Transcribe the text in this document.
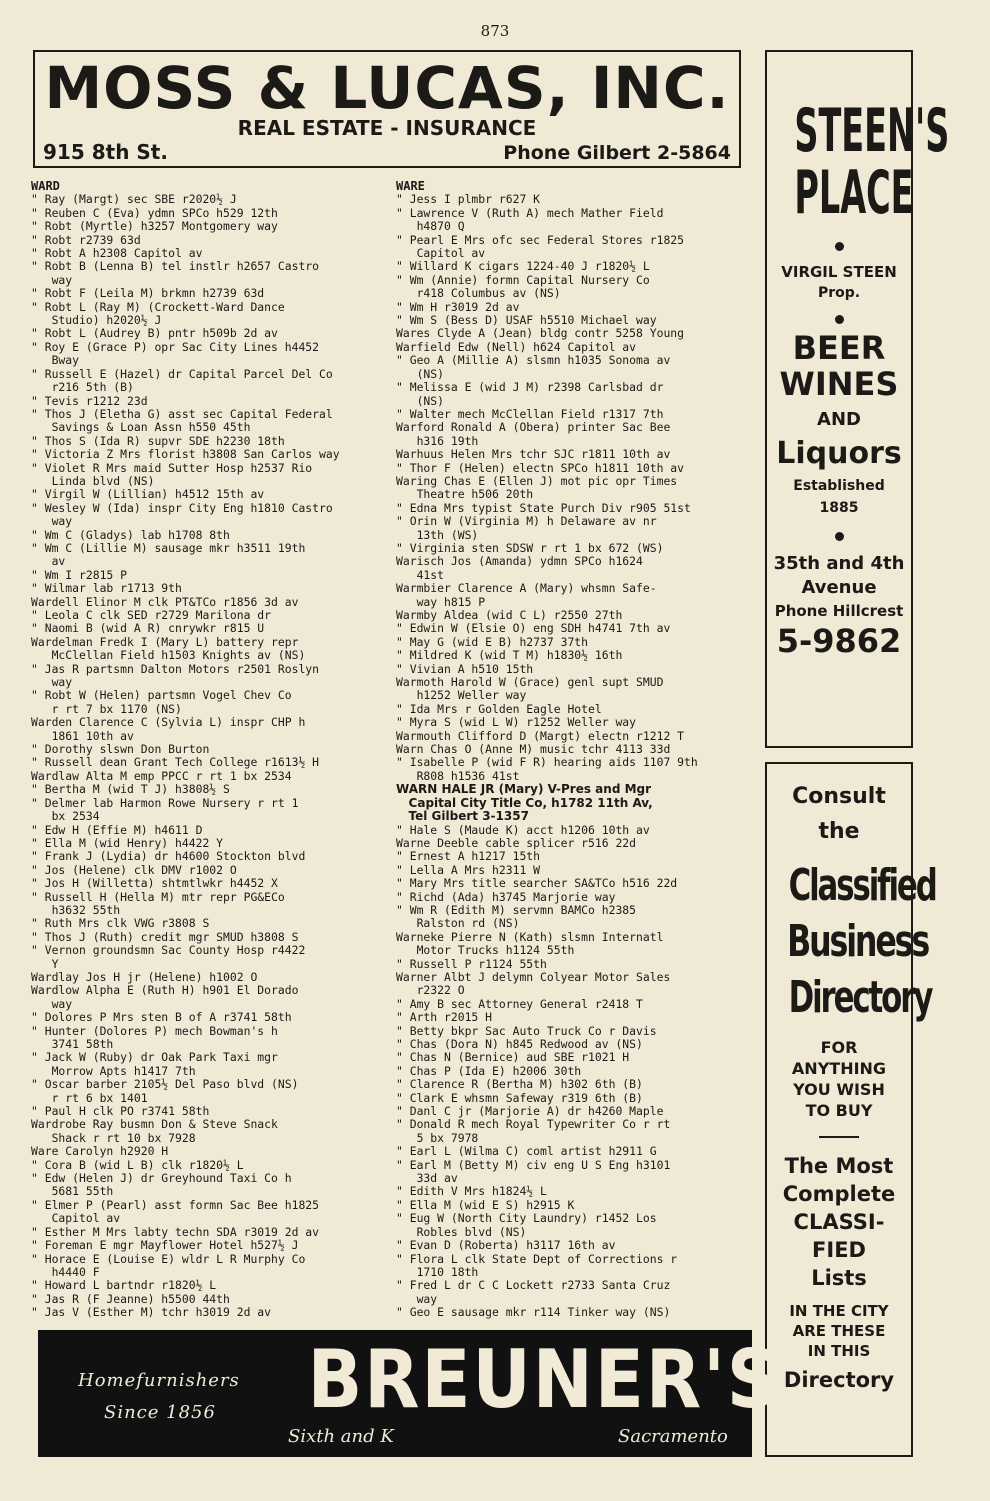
873
MOSS & LUCAS, INC.
REAL ESTATE - INSURANCE
915 8th St.	Phone Gilbert 2-5864
WARD
" Ray (Margt) sec SBE r2020½ J
" Reuben C (Eva) ydmn SPCo h529 12th
" Robt (Myrtle) h3257 Montgomery way
" Robt r2739 63d
" Robt A h2308 Capitol av
" Robt B (Lenna B) tel instlr h2657 Castro
way
" Robt F (Leila M) brkmn h2739 63d
" Robt L (Ray M) (Crockett-Ward Dance
Studio) h2020½ J
" Robt L (Audrey B) pntr h509b 2d av
" Roy E (Grace P) opr Sac City Lines h4452
Bway
" Russell E (Hazel) dr Capital Parcel Del Co
r216 5th (B)
" Tevis r1212 23d
" Thos J (Eletha G) asst sec Capital Federal
Savings & Loan Assn h550 45th
" Thos S (Ida R) supvr SDE h2230 18th
" Victoria Z Mrs florist h3808 San Carlos way
" Violet R Mrs maid Sutter Hosp h2537 Rio
Linda blvd (NS)
" Virgil W (Lillian) h4512 15th av
" Wesley W (Ida) inspr City Eng h1810 Castro
way
" Wm C (Gladys) lab h1708 8th
" Wm C (Lillie M) sausage mkr h3511 19th
av
" Wm I r2815 P
" Wilmar lab r1713 9th
Wardell Elinor M clk PT&TCo r1856 3d av
" Leola C clk SED r2729 Marilona dr
" Naomi B (wid A R) cnrywkr r815 U
Wardelman Fredk I (Mary L) battery repr
McClellan Field h1503 Knights av (NS)
" Jas R partsmn Dalton Motors r2501 Roslyn
way
" Robt W (Helen) partsmn Vogel Chev Co
r rt 7 bx 1170 (NS)
Warden Clarence C (Sylvia L) inspr CHP h
1861 10th av
" Dorothy slswn Don Burton
" Russell dean Grant Tech College r1613½ H
Wardlaw Alta M emp PPCC r rt 1 bx 2534
" Bertha M (wid T J) h3808½ S
" Delmer lab Harmon Rowe Nursery r rt 1
bx 2534
" Edw H (Effie M) h4611 D
" Ella M (wid Henry) h4422 Y
" Frank J (Lydia) dr h4600 Stockton blvd
" Jos (Helene) clk DMV r1002 O
" Jos H (Willetta) shtmtlwkr h4452 X
" Russell H (Hella M) mtr repr PG&ECo
h3632 55th
" Ruth Mrs clk VWG r3808 S
" Thos J (Ruth) credit mgr SMUD h3808 S
" Vernon groundsmn Sac County Hosp r4422
Y
Wardlay Jos H jr (Helene) h1002 O
Wardlow Alpha E (Ruth H) h901 El Dorado
way
" Dolores P Mrs sten B of A r3741 58th
" Hunter (Dolores P) mech Bowman's h
3741 58th
" Jack W (Ruby) dr Oak Park Taxi mgr
Morrow Apts h1417 7th
" Oscar barber 2105½ Del Paso blvd (NS)
r rt 6 bx 1401
" Paul H clk PO r3741 58th
Wardrobe Ray busmn Don & Steve Snack
Shack r rt 10 bx 7928
Ware Carolyn h2920 H
" Cora B (wid L B) clk r1820½ L
" Edw (Helen J) dr Greyhound Taxi Co h
5681 55th
" Elmer P (Pearl) asst formn Sac Bee h1825
Capitol av
" Esther M Mrs labty techn SDA r3019 2d av
" Foreman E mgr Mayflower Hotel h527½ J
" Horace E (Louise E) wldr L R Murphy Co
h4440 F
" Howard L bartndr r1820½ L
" Jas R (F Jeanne) h5500 44th
" Jas V (Esther M) tchr h3019 2d av
WARE
" Jess I plmbr r627 K
" Lawrence V (Ruth A) mech Mather Field
h4870 Q
" Pearl E Mrs ofc sec Federal Stores r1825
Capitol av
" Willard K cigars 1224-40 J r1820½ L
" Wm (Annie) formn Capital Nursery Co
r418 Columbus av (NS)
" Wm H r3019 2d av
" Wm S (Bess D) USAF h5510 Michael way
Wares Clyde A (Jean) bldg contr 5258 Young
Warfield Edw (Nell) h624 Capitol av
" Geo A (Millie A) slsmn h1035 Sonoma av
(NS)
" Melissa E (wid J M) r2398 Carlsbad dr
(NS)
" Walter mech McClellan Field r1317 7th
Warford Ronald A (Obera) printer Sac Bee
h316 19th
Warhuus Helen Mrs tchr SJC r1811 10th av
" Thor F (Helen) electn SPCo h1811 10th av
Waring Chas E (Ellen J) mot pic opr Times
Theatre h506 20th
" Edna Mrs typist State Purch Div r905 51st
" Orin W (Virginia M) h Delaware av nr
13th (WS)
" Virginia sten SDSW r rt 1 bx 672 (WS)
Warisch Jos (Amanda) ydmn SPCo h1624
41st
Warmbier Clarence A (Mary) whsmn Safe-
way h815 P
Warmby Aldea (wid C L) r2550 27th
" Edwin W (Elsie O) eng SDH h4741 7th av
" May G (wid E B) h2737 37th
" Mildred K (wid T M) h1830½ 16th
" Vivian A h510 15th
Warmoth Harold W (Grace) genl supt SMUD
h1252 Weller way
" Ida Mrs r Golden Eagle Hotel
" Myra S (wid L W) r1252 Weller way
Warmouth Clifford D (Margt) electn r1212 T
Warn Chas O (Anne M) music tchr 4113 33d
" Isabelle P (wid F R) hearing aids 1107 9th
R808 h1536 41st
WARN HALE JR (Mary) V-Pres and Mgr
Capital City Title Co, h1782 11th Av,
Tel Gilbert 3-1357
" Hale S (Maude K) acct h1206 10th av
Warne Deeble cable splicer r516 22d
" Ernest A h1217 15th
" Lella A Mrs h2311 W
" Mary Mrs title searcher SA&TCo h516 22d
" Richd (Ada) h3745 Marjorie way
" Wm R (Edith M) servmn BAMCo h2385
Ralston rd (NS)
Warneke Pierre N (Kath) slsmn Internatl
Motor Trucks h1124 55th
" Russell P r1124 55th
Warner Albt J delymn Colyear Motor Sales
r2322 O
" Amy B sec Attorney General r2418 T
" Arth r2015 H
" Betty bkpr Sac Auto Truck Co r Davis
" Chas (Dora N) h845 Redwood av (NS)
" Chas N (Bernice) aud SBE r1021 H
" Chas P (Ida E) h2006 30th
" Clarence R (Bertha M) h302 6th (B)
" Clark E whsmn Safeway r319 6th (B)
" Danl C jr (Marjorie A) dr h4260 Maple
" Donald R mech Royal Typewriter Co r rt
5 bx 7978
" Earl L (Wilma C) coml artist h2911 G
" Earl M (Betty M) civ eng U S Eng h3101
33d av
" Edith V Mrs h1824½ L
" Ella M (wid E S) h2915 K
" Eug W (North City Laundry) r1452 Los
Robles blvd (NS)
" Evan D (Roberta) h3117 16th av
" Flora L clk State Dept of Corrections r
1710 18th
" Fred L dr C C Lockett r2733 Santa Cruz
way
" Geo E sausage mkr r114 Tinker way (NS)
STEEN'S
PLACE
VIRGIL STEEN
Prop.
BEER
WINES
AND
Liquors
Established
1885
35th and 4th
Avenue
Phone Hillcrest
5-9862
Consult
the
Classified
Business
Directory
FOR
ANYTHING
YOU WISH
TO BUY
The Most
Complete
CLASSI-
FIED
Lists
IN THE CITY
ARE THESE
IN THIS
Directory
BREUNER'S
Homefurnishers
Since 1856
Sixth and K	Sacramento
